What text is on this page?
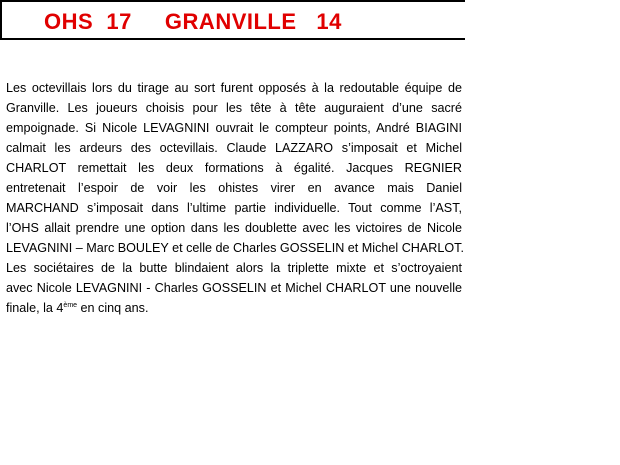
OHS  17     GRANVILLE   14
Les octevillais lors du tirage au sort furent opposés à la redoutable équipe de
Granville. Les joueurs choisis pour les tête à tête auguraient d’une sacré
empoignade. Si Nicole LEVAGNINI ouvrait le compteur points, André BIAGINI
calmait les ardeurs des octevillais. Claude LAZZARO s’imposait et Michel
CHARLOT remettait les deux formations à égalité. Jacques REGNIER
entretenait l’espoir de voir les ohistes virer en avance mais Daniel
MARCHAND s’imposait dans l’ultime partie individuelle. Tout comme l’AST,
l’OHS allait prendre une option dans les doublette avec les victoires de Nicole
LEVAGNINI – Marc BOULEY et celle de Charles GOSSELIN et Michel CHARLOT.
Les sociétaires de la butte blindaient alors la triplette mixte et s’octroyaient
avec Nicole LEVAGNINI - Charles GOSSELIN et Michel CHARLOT une nouvelle
finale, la 4ème en cinq ans.
